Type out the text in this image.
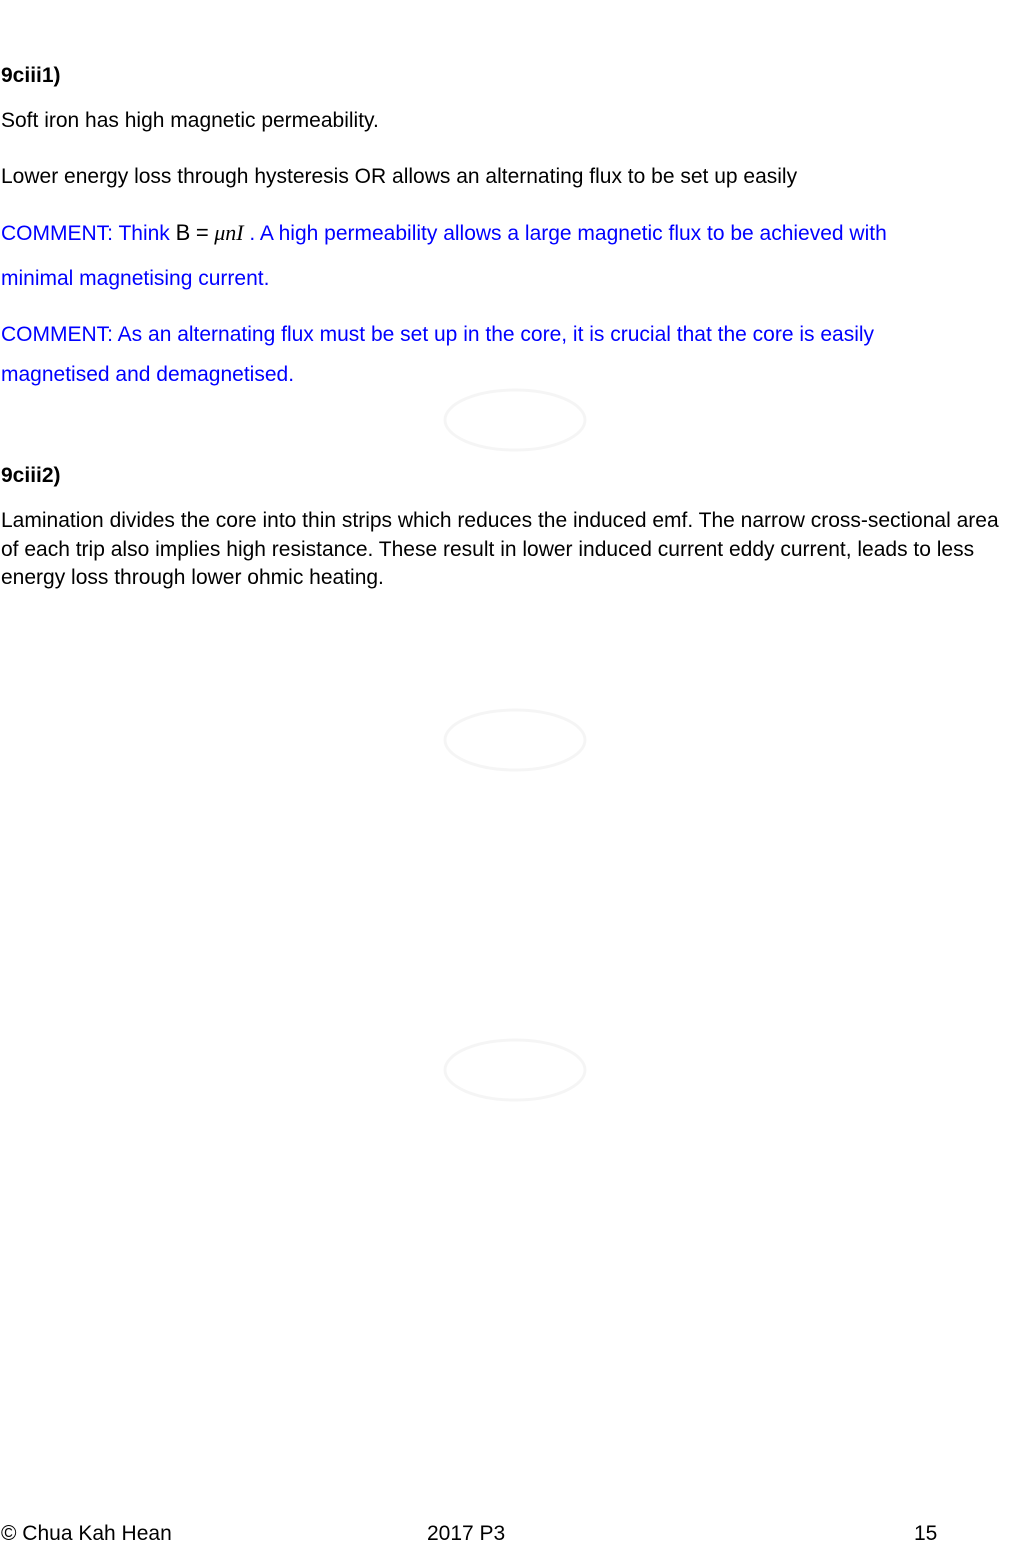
9ciii1)

Soft iron has high magnetic permeability.

Lower energy loss through hysteresis OR allows an alternating flux to be set up easily

COMMENT: Think B = μnI . A high permeability allows a large magnetic flux to be achieved with

minimal magnetising current.

COMMENT: As an alternating flux must be set up in the core, it is crucial that the core is easily

magnetised and demagnetised.

9ciii2)

Lamination divides the core into thin strips which reduces the induced emf. The narrow cross-sectional area of each trip also implies high resistance. These result in lower induced current eddy current, leads to less energy loss through lower ohmic heating.

© Chua Kah Hean	2017 P3	15
